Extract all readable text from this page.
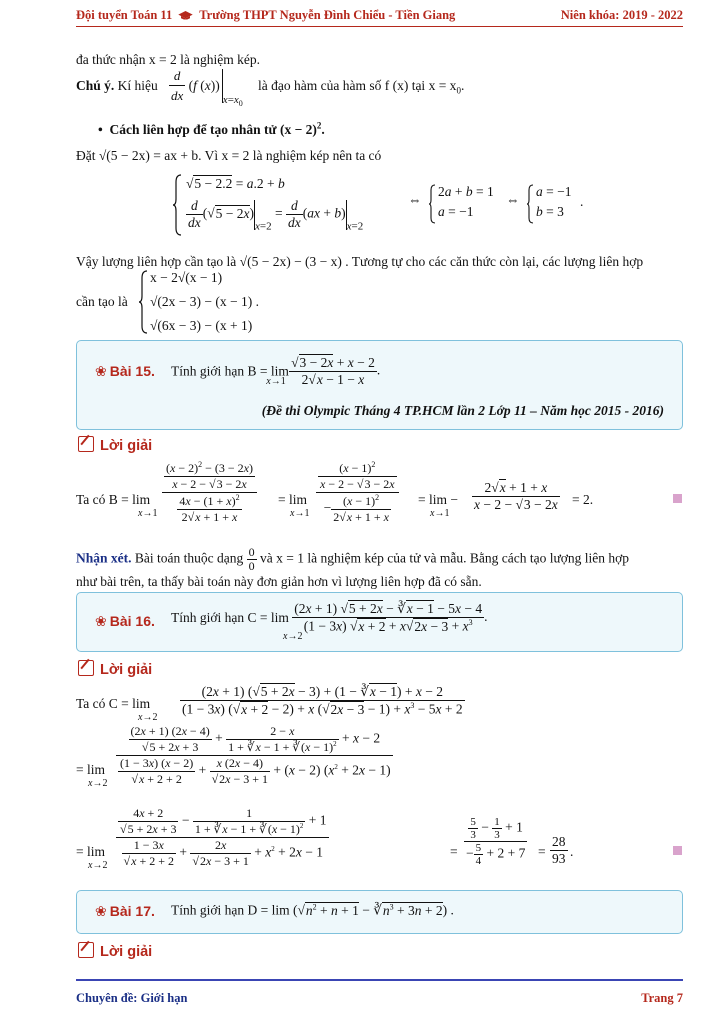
Đội tuyển Toán 11 Trường THPT Nguyễn Đình Chiểu - Tiền Giang	Niên khóa: 2019 - 2022
đa thức nhận x = 2 là nghiệm kép.
Chú ý. Kí hiệu $\frac{d}{dx} (f$ $(x))_{x=x_0}$
là đạo hàm của hàm số f (x) tại $x = x_0$.
•  Cách liên hợp để tạo nhân tử $(x - 2)^2$.
Đặt √(5 − 2x) = ax + b. Vì x = 2 là nghiệm kép nên ta có
√5 − 2.2 = a.2 + b
$\frac{d}{dx} (√5 - 2x)_{x=2} = \frac{d}{dx} (ax + b)_{x=2}$
⇔
2a + b = 1
a = −1
⇔
a = −1
b = 3
.
Vậy lượng liên hợp cần tạo là √(5 − 2x) − (3 − x) . Tương tự cho các căn thức còn lại, các lượng liên hợp
cần tạo là
x − 2√(x − 1)
√(2x − 3) − (x − 1) .
√(6x − 3) − (x + 1)
❀ Bài 15. Tính giới hạn B = lim
x→1
$\frac{√3 - 2x + x - 2}{2√x - 1 - x}$ .
(Đề thi Olympic Tháng 4 TP.HCM lần 2 Lớp 11 – Năm học 2015 - 2016)
Lời giải
Ta có B = lim
$x\to 1 \frac{\frac{(x - 2)^2 - (3 - 2x)}{x - 2 - √3 - 2x}}{\frac{4x - (1 + x)^2}{2√x + 1 + x}} = \lim$
$x\to 1 \frac{\frac{(x - 1)^2}{x - 2 - √3 - 2x}}{- \frac{(x - 1)^2}{2√x + 1 + x}} = \lim$ −
x→1
$\frac{2√x + 1 + x}{x - 2 - √3 - 2x} = 2$.
Nhận xét. Bài toán thuộc dạng $\frac{0}{0}$ và x = 1 là nghiệm kép của tử và mẫu. Bằng cách tạo lượng liên hợp
như bài trên, ta thấy bài toán này đơn giản hơn vì lượng liên hợp đã có sẵn.
❀ Bài 16. Tính giới hạn $C = \lim \frac{(2x + 1) √5 + 2x - ∛x - 1 - 5x - 4}{(1 - 3x) √x + 2 + x√2x - 3 + x^3}$ .
x→2
Lời giải
Ta có C = lim
$x\to 2 \frac{(2x + 1) (√5 + 2x - 3) + (1 - ∛x - 1) + x - 2}{(1 - 3x) (√x + 2 - 2) + x (√2x - 3 - 1) + x^3 - 5x + 2}$
= lim
x→2
$\frac{(2x + 1) (2x - 4)}{√5 + 2x + 3} + \frac{2 - x}{1 + ∛x - 1 + ∛(x - 1)^2} + x - 2$
$\frac{(1 - 3x) (x - 2)}{√x + 2 + 2} + \frac{x (2x - 4)}{√2x - 3 + 1} + (x - 2) (x^2 + 2x - 1)$
= lim
x→2
$\frac{4x + 2}{√5 + 2x + 3} - \frac{1}{1 + ∛x - 1 + ∛(x - 1)^2} + 1$
$\frac{1 - 3x}{√x + 2 + 2} + \frac{2x}{√2x - 3 + 1} + x^2 + 2x - 1$	= $\frac{\frac{5}{3} - \frac{1}{3} + 1}{- \frac{5}{4} + 2 + 7} = \frac{28}{93}$ .
❀ Bài 17. Tính giới hạn $D = \lim (√n^2 + n + 1$ − $∛n^3 + 3n + 2$) .
Lời giải
Chuyên đề: Giới hạn	Trang 7
